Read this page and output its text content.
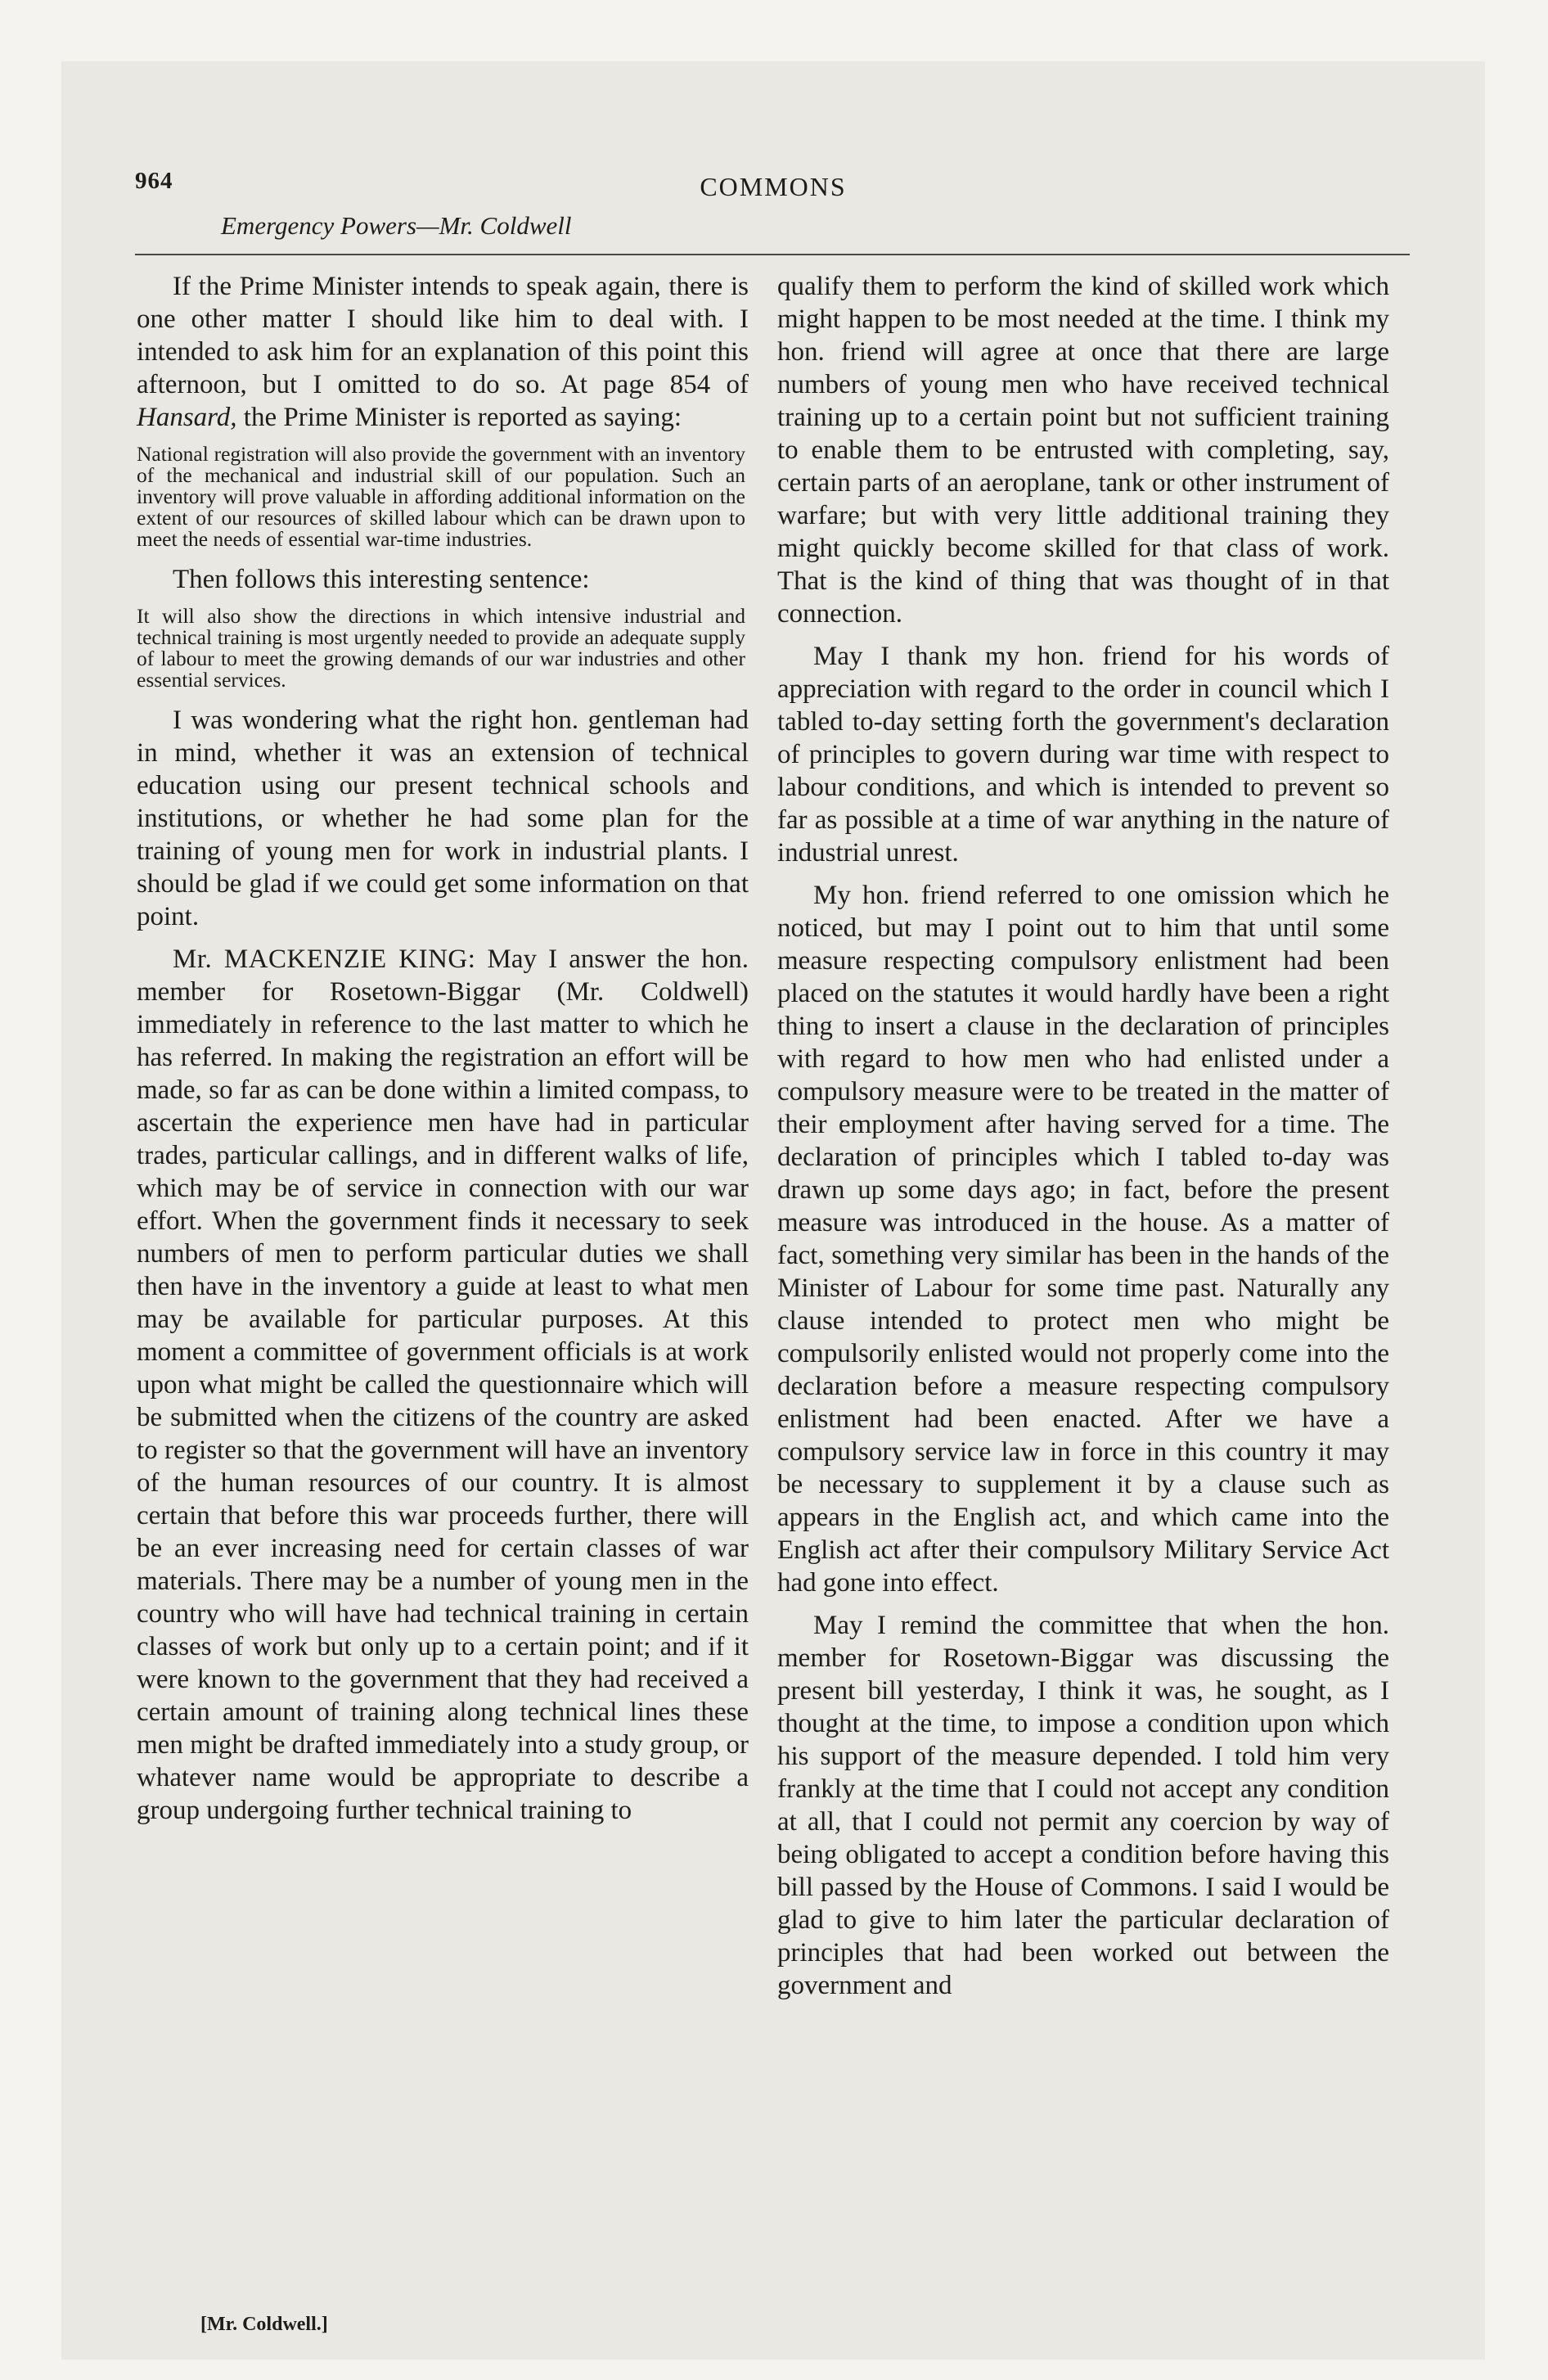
964	COMMONS
Emergency Powers—Mr. Coldwell

If the Prime Minister intends to speak again, there is one other matter I should like him to deal with. I intended to ask him for an explanation of this point this afternoon, but I omitted to do so. At page 854 of Hansard, the Prime Minister is reported as saying:

National registration will also provide the government with an inventory of the mechanical and industrial skill of our population. Such an inventory will prove valuable in affording additional information on the extent of our resources of skilled labour which can be drawn upon to meet the needs of essential war-time industries.

Then follows this interesting sentence:

It will also show the directions in which intensive industrial and technical training is most urgently needed to provide an adequate supply of labour to meet the growing demands of our war industries and other essential services.

I was wondering what the right hon. gentleman had in mind, whether it was an extension of technical education using our present technical schools and institutions, or whether he had some plan for the training of young men for work in industrial plants. I should be glad if we could get some information on that point.

Mr. MACKENZIE KING: May I answer the hon. member for Rosetown-Biggar (Mr. Coldwell) immediately in reference to the last matter to which he has referred. In making the registration an effort will be made, so far as can be done within a limited compass, to ascertain the experience men have had in particular trades, particular callings, and in different walks of life, which may be of service in connection with our war effort. When the government finds it necessary to seek numbers of men to perform particular duties we shall then have in the inventory a guide at least to what men may be available for particular purposes. At this moment a committee of government officials is at work upon what might be called the questionnaire which will be submitted when the citizens of the country are asked to register so that the government will have an inventory of the human resources of our country. It is almost certain that before this war proceeds further, there will be an ever increasing need for certain classes of war materials. There may be a number of young men in the country who will have had technical training in certain classes of work but only up to a certain point; and if it were known to the government that they had received a certain amount of training along technical lines these men might be drafted immediately into a study group, or whatever name would be appropriate to describe a group undergoing further technical training to

qualify them to perform the kind of skilled work which might happen to be most needed at the time. I think my hon. friend will agree at once that there are large numbers of young men who have received technical training up to a certain point but not sufficient training to enable them to be entrusted with completing, say, certain parts of an aeroplane, tank or other instrument of warfare; but with very little additional training they might quickly become skilled for that class of work. That is the kind of thing that was thought of in that connection.

May I thank my hon. friend for his words of appreciation with regard to the order in council which I tabled to-day setting forth the government's declaration of principles to govern during war time with respect to labour conditions, and which is intended to prevent so far as possible at a time of war anything in the nature of industrial unrest.

My hon. friend referred to one omission which he noticed, but may I point out to him that until some measure respecting compulsory enlistment had been placed on the statutes it would hardly have been a right thing to insert a clause in the declaration of principles with regard to how men who had enlisted under a compulsory measure were to be treated in the matter of their employment after having served for a time. The declaration of principles which I tabled to-day was drawn up some days ago; in fact, before the present measure was introduced in the house. As a matter of fact, something very similar has been in the hands of the Minister of Labour for some time past. Naturally any clause intended to protect men who might be compulsorily enlisted would not properly come into the declaration before a measure respecting compulsory enlistment had been enacted. After we have a compulsory service law in force in this country it may be necessary to supplement it by a clause such as appears in the English act, and which came into the English act after their compulsory Military Service Act had gone into effect.

May I remind the committee that when the hon. member for Rosetown-Biggar was discussing the present bill yesterday, I think it was, he sought, as I thought at the time, to impose a condition upon which his support of the measure depended. I told him very frankly at the time that I could not accept any condition at all, that I could not permit any coercion by way of being obligated to accept a condition before having this bill passed by the House of Commons. I said I would be glad to give to him later the particular declaration of principles that had been worked out between the government and

[Mr. Coldwell.]
